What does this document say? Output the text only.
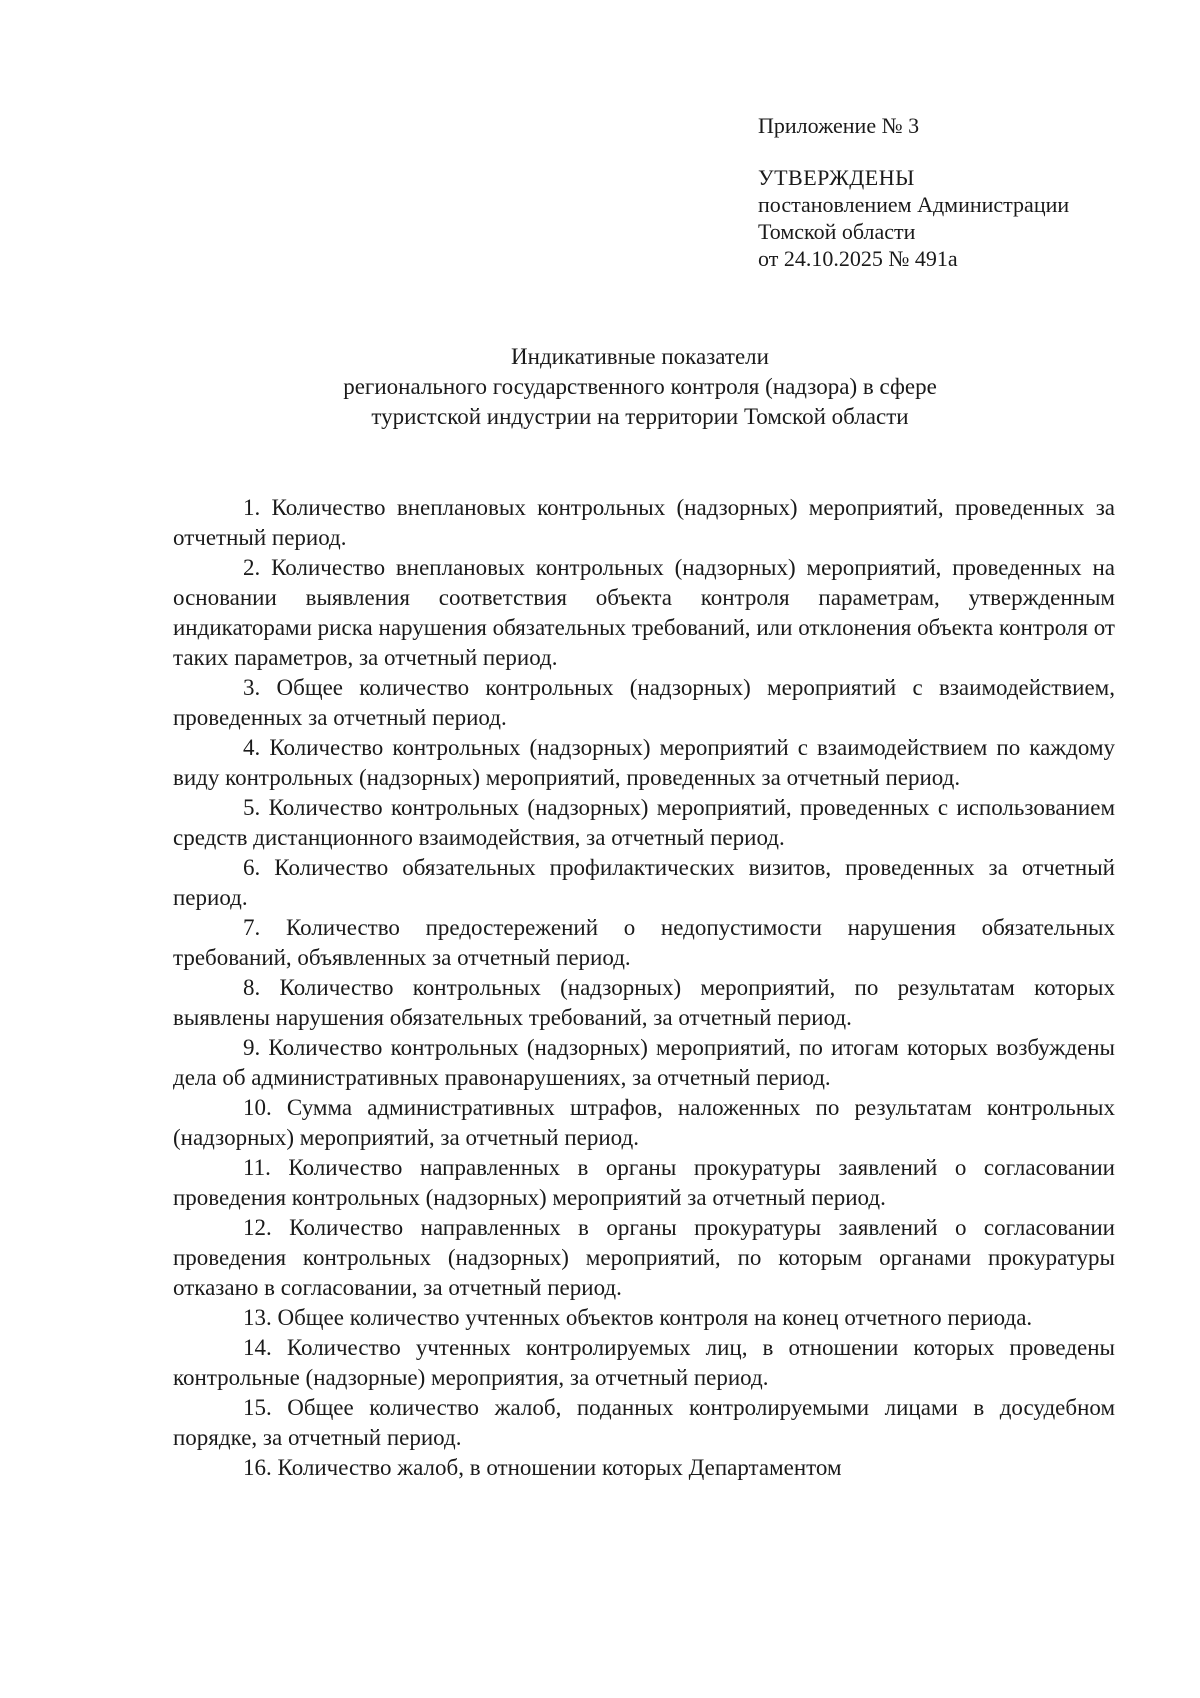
Приложение № 3

УТВЕРЖДЕНЫ

постановлением Администрации

Томской области

от 24.10.2025 № 491а

Индикативные показатели
регионального государственного контроля (надзора) в сфере
туристской индустрии на территории Томской области

1. Количество внеплановых контрольных (надзорных) мероприятий, проведенных за отчетный период.

2. Количество внеплановых контрольных (надзорных) мероприятий, проведенных на основании выявления соответствия объекта контроля параметрам, утвержденным индикаторами риска нарушения обязательных требований, или отклонения объекта контроля от таких параметров, за отчетный период.

3. Общее количество контрольных (надзорных) мероприятий с взаимодействием, проведенных за отчетный период.

4. Количество контрольных (надзорных) мероприятий с взаимодействием по каждому виду контрольных (надзорных) мероприятий, проведенных за отчетный период.

5. Количество контрольных (надзорных) мероприятий, проведенных с использованием средств дистанционного взаимодействия, за отчетный период.

6. Количество обязательных профилактических визитов, проведенных за отчетный период.

7. Количество предостережений о недопустимости нарушения обязательных требований, объявленных за отчетный период.

8. Количество контрольных (надзорных) мероприятий, по результатам которых выявлены нарушения обязательных требований, за отчетный период.

9. Количество контрольных (надзорных) мероприятий, по итогам которых возбуждены дела об административных правонарушениях, за отчетный период.

10. Сумма административных штрафов, наложенных по результатам контрольных (надзорных) мероприятий, за отчетный период.

11. Количество направленных в органы прокуратуры заявлений о согласовании проведения контрольных (надзорных) мероприятий за отчетный период.

12. Количество направленных в органы прокуратуры заявлений о согласовании проведения контрольных (надзорных) мероприятий, по которым органами прокуратуры отказано в согласовании, за отчетный период.

13. Общее количество учтенных объектов контроля на конец отчетного периода.

14. Количество учтенных контролируемых лиц, в отношении которых проведены контрольные (надзорные) мероприятия, за отчетный период.

15. Общее количество жалоб, поданных контролируемыми лицами в досудебном порядке, за отчетный период.

16. Количество жалоб, в отношении которых Департаментом
